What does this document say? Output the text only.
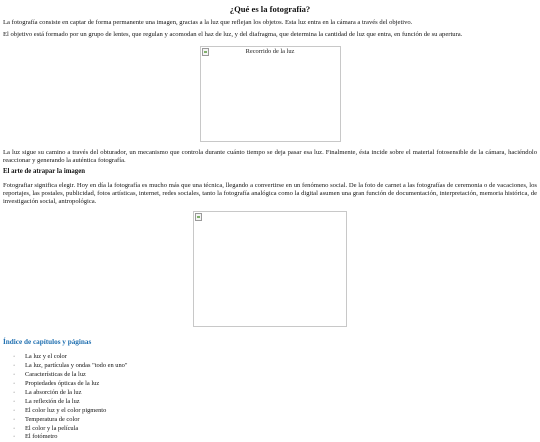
¿Qué es la fotografía?

La fotografía consiste en captar de forma permanente una imagen, gracias a la luz que reflejan los objetos. Esta luz entra en la cámara a través del objetivo.

El objetivo está formado por un grupo de lentes, que regulan y acomodan el haz de luz, y del diafragma, que determina la cantidad de luz que entra, en función de su apertura.

Recorrido de la luz

La luz sigue su camino a través del obturador, un mecanismo que controla durante cuánto tiempo se deja pasar esa luz. Finalmente, ésta incide sobre el material fotosensible de la cámara, haciéndolo reaccionar y generando la auténtica fotografía.

El arte de atrapar la imagen

Fotografiar significa elegir. Hoy en día la fotografía es mucho más que una técnica, llegando a convertirse en un fenómeno social. De la foto de carnet a las fotografías de ceremonia o de vacaciones, los reportajes, las postales, publicidad, fotos artísticas, internet, redes sociales, tanto la fotografía analógica como la digital asumen una gran función de documentación, interpretación, memoria histórica, de investigación social, antropológica.

Índice de capítulos y páginas
· La luz y el color
· La luz, partículas y ondas "todo en uno"
· Características de la luz
· Propiedades ópticas de la luz
· La absorción de la luz
· La reflexión de la luz
· El color luz y el color pigmento
· Temperatura de color
· El color y la película
· El fotómetro
